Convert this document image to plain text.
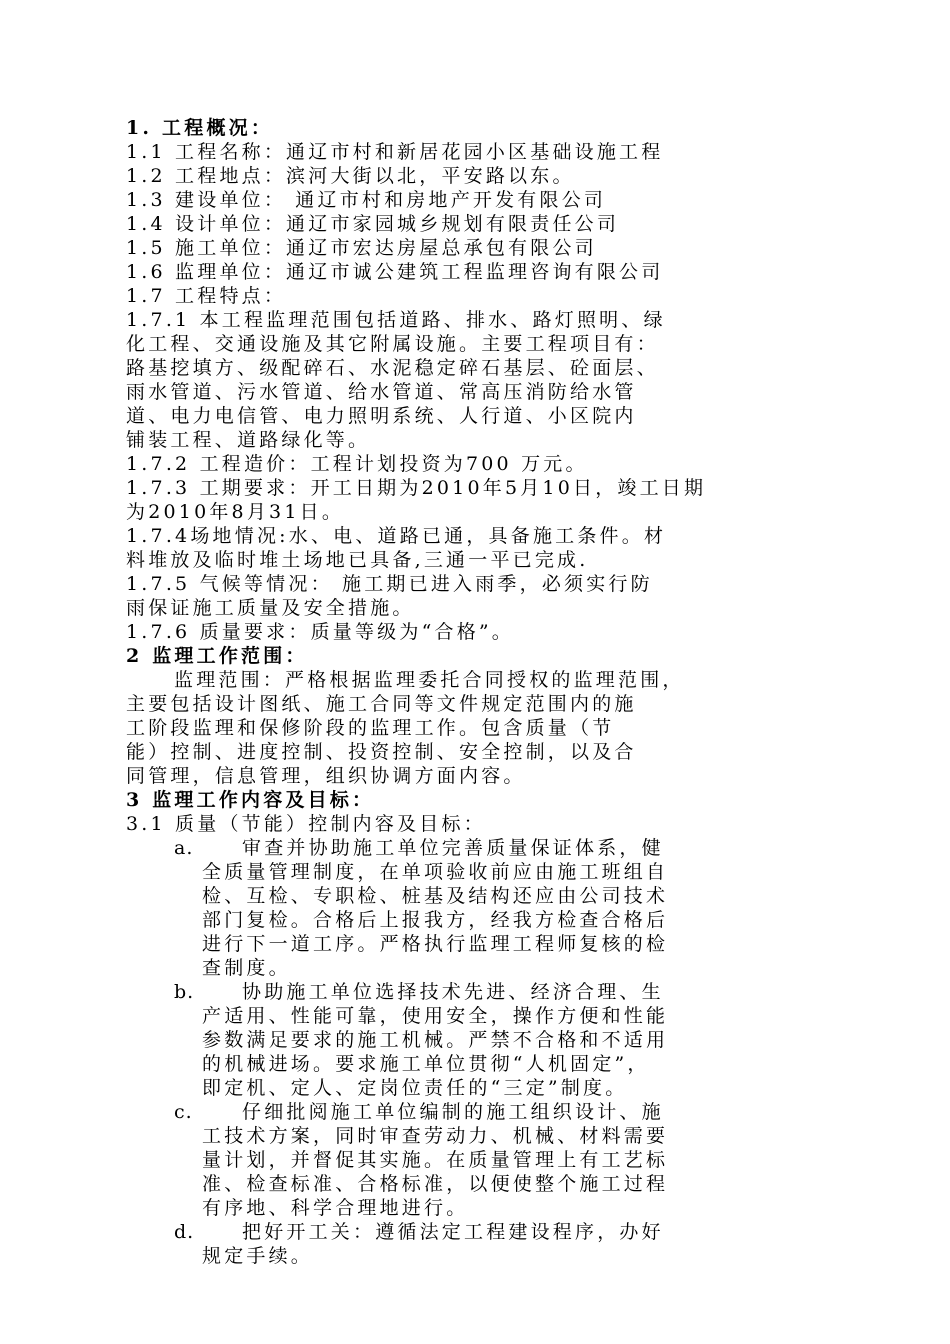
1. 工程概况：
1.1 工程名称：通辽市村和新居花园小区基础设施工程
1.2 工程地点：滨河大街以北，平安路以东。
1.3 建设单位： 通辽市村和房地产开发有限公司
1.4 设计单位：通辽市家园城乡规划有限责任公司
1.5 施工单位：通辽市宏达房屋总承包有限公司
1.6 监理单位：通辽市诚公建筑工程监理咨询有限公司
1.7 工程特点：
1.7.1 本工程监理范围包括道路、排水、路灯照明、绿
化工程、交通设施及其它附属设施。主要工程项目有：
路基挖填方、级配碎石、水泥稳定碎石基层、砼面层、
雨水管道、污水管道、给水管道、常高压消防给水管
道、电力电信管、电力照明系统、人行道、小区院内
铺装工程、道路绿化等。
1.7.2 工程造价：工程计划投资为700 万元。
1.7.3 工期要求：开工日期为2010年5月10日，竣工日期
为2010年8月31日。
1.7.4场地情况:水、电、道路已通，具备施工条件。材
料堆放及临时堆土场地已具备,三通一平已完成.
1.7.5 气候等情况： 施工期已进入雨季，必须实行防
雨保证施工质量及安全措施。
1.7.6 质量要求：质量等级为“合格”。
2 监理工作范围：
监理范围：严格根据监理委托合同授权的监理范围，
主要包括设计图纸、施工合同等文件规定范围内的施
工阶段监理和保修阶段的监理工作。包含质量（节
能）控制、进度控制、投资控制、安全控制，以及合
同管理，信息管理，组织协调方面内容。
3 监理工作内容及目标：
3.1 质量（节能）控制内容及目标：
a.	审查并协助施工单位完善质量保证体系，健
全质量管理制度，在单项验收前应由施工班组自
检、互检、专职检、桩基及结构还应由公司技术
部门复检。合格后上报我方，经我方检查合格后
进行下一道工序。严格执行监理工程师复核的检
查制度。
b.	协助施工单位选择技术先进、经济合理、生
产适用、性能可靠，使用安全，操作方便和性能
参数满足要求的施工机械。严禁不合格和不适用
的机械进场。要求施工单位贯彻“人机固定”，
即定机、定人、定岗位责任的“三定”制度。
c.	仔细批阅施工单位编制的施工组织设计、施
工技术方案，同时审查劳动力、机械、材料需要
量计划，并督促其实施。在质量管理上有工艺标
准、检查标准、合格标准，以便使整个施工过程
有序地、科学合理地进行。
d.	把好开工关：遵循法定工程建设程序，办好
规定手续。
